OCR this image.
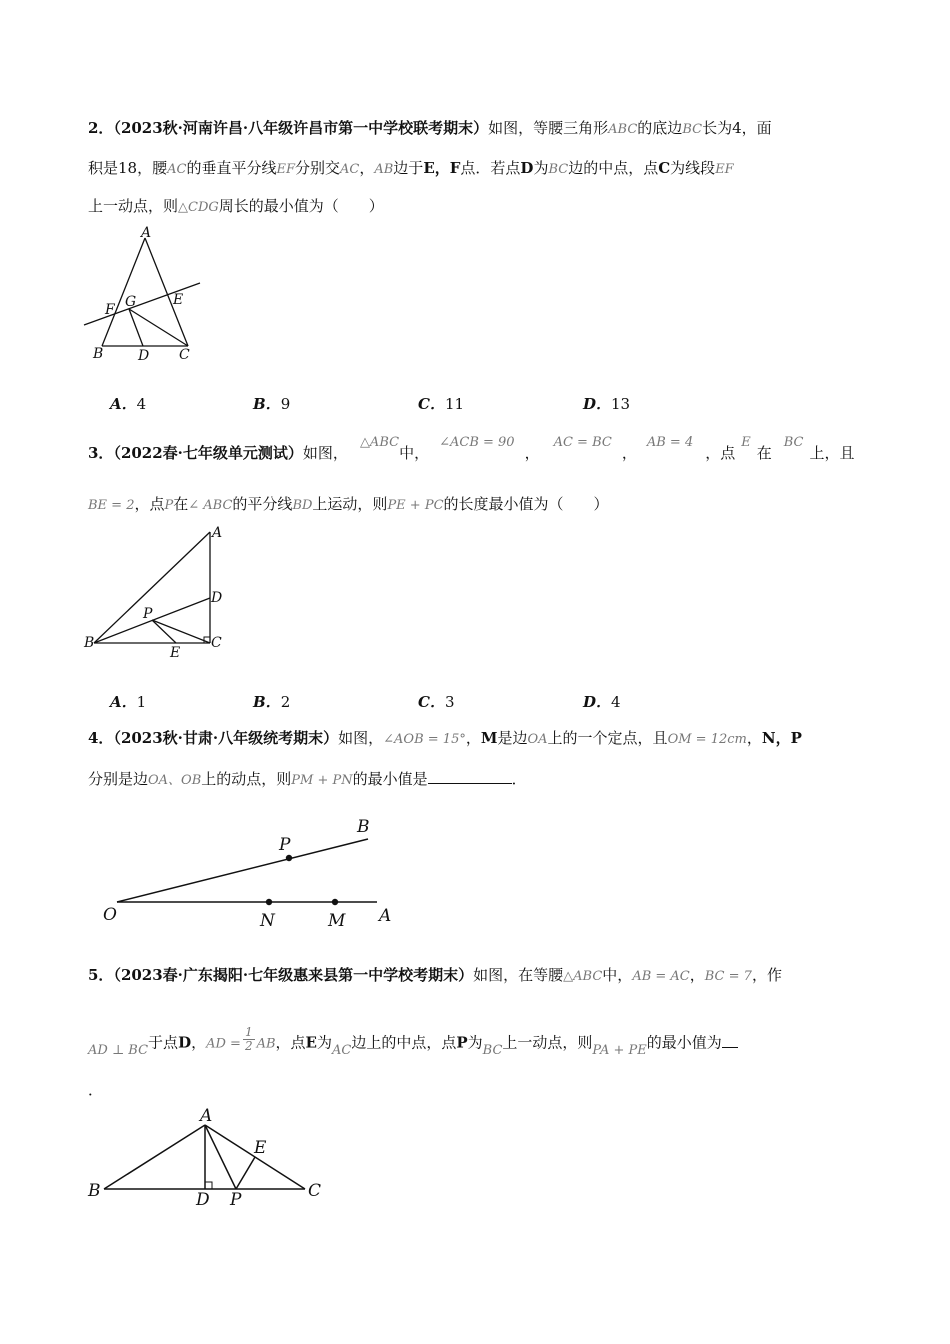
2．（2023秋·河南许昌·八年级许昌市第一中学校联考期末）如图，等腰三角形ABC的底边BC长为4，面
积是18，腰AC的垂直平分线EF分别交AC，AB边于E，F点．若点D为BC边的中点，点C为线段EF
上一动点，则△CDG周长的最小值为（　　）
A
B D C
E
F G
A．4	B．9	C．11	D．13
3．（2022春·七年级单元测试）如图，△ABC中，∠ACB = 90，AC = BC，AB = 4，点E在BC上，且
BE = 2，点P在∠ ABC的平分线BD上运动，则PE + PC的长度最小值为（　　）
A
D
C
B
P
E
A．1	B．2	C．3	D．4
4．（2023秋·甘肃·八年级统考期末）如图，∠AOB = 15°，M是边OA上的一个定点，且OM = 12cm，N，P
分别是边OA、OB上的动点，则PM + PN的最小值是	．
O	A
B
P
N	M
5．（2023春·广东揭阳·七年级惠来县第一中学校考期末）如图，在等腰△ABC中，AB = AC，BC = 7，作
AD ⊥ BC于点D，AD = $\frac{1}{2}$ AB，点E为AC边上的中点，点P为BC上一动点，则PA + PE的最小值为
．
A
B	C
D P
E
